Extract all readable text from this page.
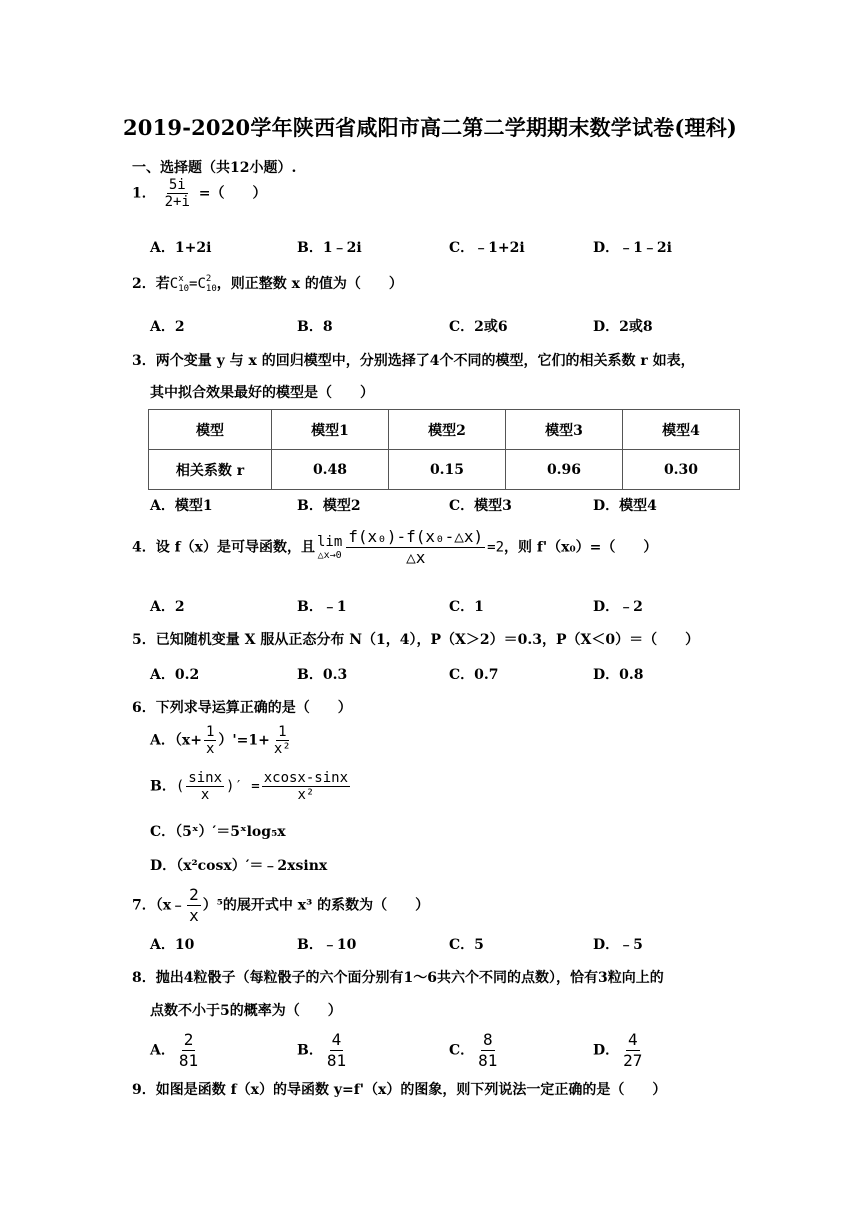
2019-2020学年陕西省咸阳市高二第二学期期末数学试卷(理科)
一、选择题（共12小题）.
1． $\frac{5i}{2+i}$ =（　　）
A．1+2i	B．1﹣2i	C．﹣1+2i	D．﹣1﹣2i
2．若C x
10 =C 2
10 ，则正整数 x 的值为（　　）
A．2	B．8	C．2或6	D．2或8
3．两个变量 y 与 x 的回归模型中，分别选择了4个不同的模型，它们的相关系数 r 如表，
其中拟合效果最好的模型是（　　）
模型	模型1	模型2	模型3	模型4
相关系数 r	0.48	0.15	0.96	0.30
A．模型1	B．模型2	C．模型3	D．模型4
4．设 f（x）是可导函数，且 lim
△x→0 $\frac{\text{f(x₀)-f(x₀-△x)}}{\triangle x} =2$，则 f'（x₀）=（　　）
A．2	B．﹣1	C．1	D．﹣2
5．已知随机变量 X 服从正态分布 N（1，4），P（X＞2）＝0.3，P（X＜0）＝（　　）
A．0.2	B．0.3	C．0.7	D．0.8
6．下列求导运算正确的是（　　）
A．$(x+ \frac{1}{x} )'=1+ \frac{1}{\text{x²}}$
B．( $\frac{\sin x}{x}$ )′ = $\frac{xcosx-\sin x}{\text{x²}}$
C．（5ˣ）′＝5ˣlog₅x
D．（x²cosx）′＝﹣2xsinx
7．（x﹣ $\frac{2}{x} )^5$的展开式中 x³ 的系数为（　　）
A．10	B．﹣10	C．5	D．﹣5
8．抛出4粒骰子（每粒骰子的六个面分别有1～6共六个不同的点数），恰有3粒向上的
点数不小于5的概率为（　　）
A． $\frac{2}{81}$	B． $\frac{4}{81}$	C． $\frac{8}{81}$	D． $\frac{4}{27}$
9．如图是函数 f（x）的导函数 y=f'（x）的图象，则下列说法一定正确的是（　　）
